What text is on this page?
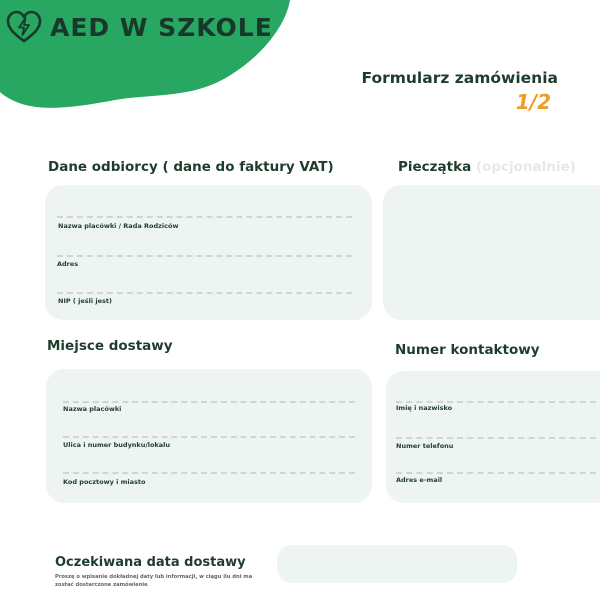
AED W SZKOLE
Formularz zamówienia
1/2
Dane odbiorcy ( dane do faktury VAT)
Nazwa placówki / Rada Rodziców
Adres
NIP ( jeśli jest)
Pieczątka (opcjonalnie)
Miejsce dostawy
Nazwa placówki
Ulica i numer budynku/lokalu
Kod pocztowy i miasto
Numer kontaktowy
Imię i nazwisko
Numer telefonu
Adres e-mail
Oczekiwana data dostawy
Proszę o wpisanie dokładnej daty lub informacji, w ciągu ilu dni ma zostać dostarczone zamówienie
